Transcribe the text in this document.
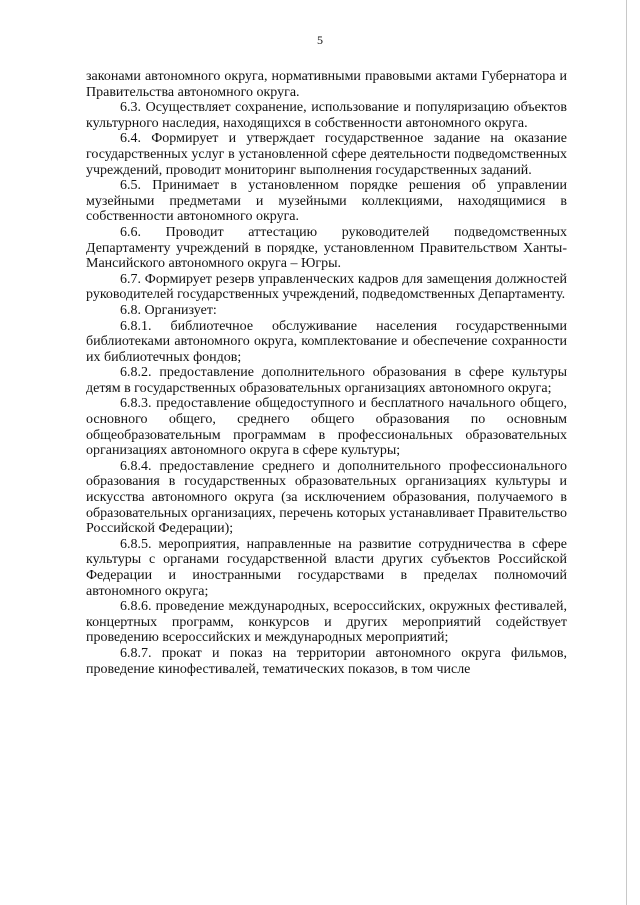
5

законами автономного округа, нормативными правовыми актами Губернатора и Правительства автономного округа.

6.3. Осуществляет сохранение, использование и популяризацию объектов культурного наследия, находящихся в собственности автономного округа.

6.4. Формирует и утверждает государственное задание на оказание государственных услуг в установленной сфере деятельности подведомственных учреждений, проводит мониторинг выполнения государственных заданий.

6.5. Принимает в установленном порядке решения об управлении музейными предметами и музейными коллекциями, находящимися в собственности автономного округа.

6.6. Проводит аттестацию руководителей подведомственных Департаменту учреждений в порядке, установленном Правительством Ханты-Мансийского автономного округа – Югры.

6.7. Формирует резерв управленческих кадров для замещения должностей руководителей государственных учреждений, подведомственных Департаменту.

6.8. Организует:

6.8.1. библиотечное обслуживание населения государственными библиотеками автономного округа, комплектование и обеспечение сохранности их библиотечных фондов;

6.8.2. предоставление дополнительного образования в сфере культуры детям в государственных образовательных организациях автономного округа;

6.8.3. предоставление общедоступного и бесплатного начального общего, основного общего, среднего общего образования по основным общеобразовательным программам в профессиональных образовательных организациях автономного округа в сфере культуры;

6.8.4. предоставление среднего и дополнительного профессионального образования в государственных образовательных организациях культуры и искусства автономного округа (за исключением образования, получаемого в образовательных организациях, перечень которых устанавливает Правительство Российской Федерации);

6.8.5. мероприятия, направленные на развитие сотрудничества в сфере культуры с органами государственной власти других субъектов Российской Федерации и иностранными государствами в пределах полномочий автономного округа;

6.8.6. проведение международных, всероссийских, окружных фестивалей, концертных программ, конкурсов и других мероприятий содействует проведению всероссийских и международных мероприятий;

6.8.7. прокат и показ на территории автономного округа фильмов, проведение кинофестивалей, тематических показов, в том числе
